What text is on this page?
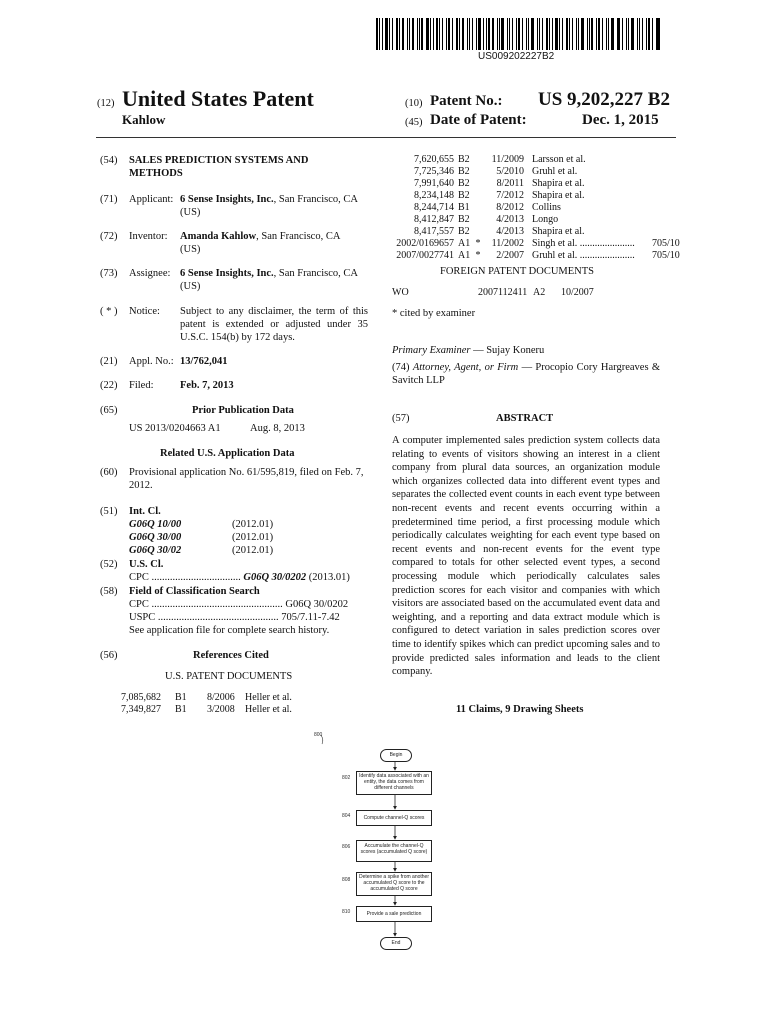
US009202227B2
(12) United States Patent
Kahlow
(10) Patent No.: US 9,202,227 B2
(45) Date of Patent:	Dec. 1, 2015
(54) SALES PREDICTION SYSTEMS AND METHODS
(71) Applicant: 6 Sense Insights, Inc., San Francisco, CA (US)
(72) Inventor: Amanda Kahlow, San Francisco, CA (US)
(73) Assignee: 6 Sense Insights, Inc., San Francisco, CA (US)
( * ) Notice: Subject to any disclaimer, the term of this patent is extended or adjusted under 35 U.S.C. 154(b) by 172 days.
(21) Appl. No.: 13/762,041
(22) Filed:	Feb. 7, 2013
(65)	Prior Publication Data
US 2013/0204663 A1	Aug. 8, 2013
Related U.S. Application Data
(60) Provisional application No. 61/595,819, filed on Feb. 7, 2012.
(51) Int. Cl.
G06Q 10/00	(2012.01)
G06Q 30/00	(2012.01)
G06Q 30/02	(2012.01)
(52) U.S. Cl.
CPC .................................. G06Q 30/0202 (2013.01)
(58) Field of Classification Search
CPC .................................................. G06Q 30/0202
USPC .............................................. 705/7.11-7.42
See application file for complete search history.
(56)	References Cited
U.S. PATENT DOCUMENTS
7,085,682	B1	8/2006	Heller et al.
7,349,827	B1	3/2008	Heller et al.
7,620,655	B2		11/2009	Larsson et al.	
7,725,346	B2		5/2010	Gruhl et al.	
7,991,640	B2		8/2011	Shapira et al.	
8,234,148	B2		7/2012	Shapira et al.	
8,244,714	B1		8/2012	Collins	
8,412,847	B2		4/2013	Longo	
8,417,557	B2		4/2013	Shapira et al.	
2002/0169657	A1	*	11/2002	Singh et al. ......................	705/10
2007/0027741	A1	*	2/2007	Gruhl et al. ......................	705/10
FOREIGN PATENT DOCUMENTS
WO	2007112411 A2 10/2007
* cited by examiner
Primary Examiner — Sujay Koneru
(74) Attorney, Agent, or Firm — Procopio Cory Hargreaves & Savitch LLP
(57)	ABSTRACT
A computer implemented sales prediction system collects data relating to events of visitors showing an interest in a client company from plural data sources, an organization module which organizes collected data into different event types and separates the collected event counts in each event type between non-recent events and recent events occurring within a predetermined time period, a first processing module which periodically calculates weighting for each event type based on recent events and non-recent events for the event type compared to totals for other selected event types, a second processing module which periodically calculates sales prediction scores for each visitor and companies with which visitors are associated based on the accumulated event data and weighting, and a reporting and data extract module which is configured to detect variation in sales prediction scores over time to identify spikes which can predict upcoming sales and to provide predicted sales information and leads to the client company.
11 Claims, 9 Drawing Sheets
800
Begin
802	Identify data associated with an entity, the data comes from different channels
804	Compute channel-Q scores
806	Accumulate the channel-Q scores (accumulated Q score)
808	Determine a spike from another accumulated Q score to the accumulated Q score
810	Provide a sale prediction
End
